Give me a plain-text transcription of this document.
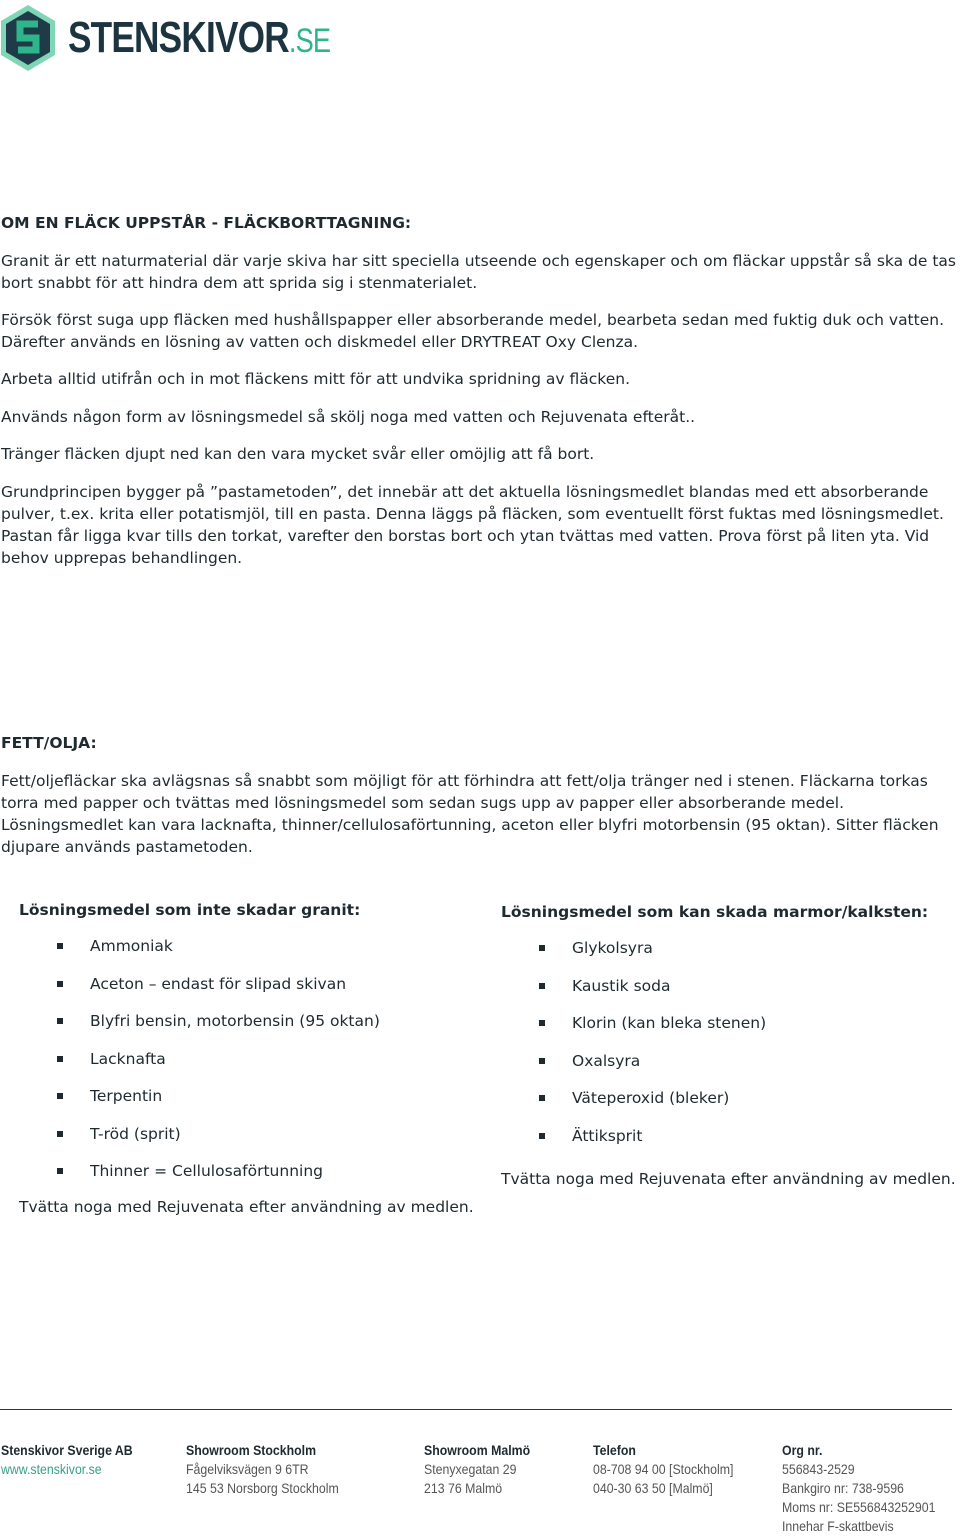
STENSKIVOR.SE
OM EN FLÄCK UPPSTÅR - FLÄCKBORTTAGNING:

Granit är ett naturmaterial där varje skiva har sitt speciella utseende och egenskaper och om fläckar uppstår så ska de tas bort snabbt för att hindra dem att sprida sig i stenmaterialet.

Försök först suga upp fläcken med hushållspapper eller absorberande medel, bearbeta sedan med fuktig duk och vatten. Därefter används en lösning av vatten och diskmedel eller DRYTREAT Oxy Clenza.

Arbeta alltid utifrån och in mot fläckens mitt för att undvika spridning av fläcken.

Används någon form av lösningsmedel så skölj noga med vatten och Rejuvenata efteråt..

Tränger fläcken djupt ned kan den vara mycket svår eller omöjlig att få bort.

Grundprincipen bygger på ”pastametoden”, det innebär att det aktuella lösningsmedlet blandas med ett absorberande pulver, t.ex. krita eller potatismjöl, till en pasta. Denna läggs på fläcken, som eventuellt först fuktas med lösningsmedlet. Pastan får ligga kvar tills den torkat, varefter den borstas bort och ytan tvättas med vatten. Prova först på liten yta. Vid behov upprepas behandlingen.

FETT/OLJA:

Fett/oljefläckar ska avlägsnas så snabbt som möjligt för att förhindra att fett/olja tränger ned i stenen. Fläckarna torkas torra med papper och tvättas med lösningsmedel som sedan sugs upp av papper eller absorberande medel. Lösningsmedlet kan vara lacknafta, thinner/cellulosaförtunning, aceton eller blyfri motorbensin (95 oktan). Sitter fläcken djupare används pastametoden.

Lösningsmedel som inte skadar granit:
Ammoniak
Aceton – endast för slipad skivan
Blyfri bensin, motorbensin (95 oktan)
Lacknafta
Terpentin
T-röd (sprit)
Thinner = Cellulosaförtunning
Tvätta noga med Rejuvenata efter användning av medlen.
Lösningsmedel som kan skada marmor/kalksten:
Glykolsyra
Kaustik soda
Klorin (kan bleka stenen)
Oxalsyra
Väteperoxid (bleker)
Ättiksprit
Tvätta noga med Rejuvenata efter användning av medlen.
Stenskivor Sverige AB
www.stenskivor.se
Showroom Stockholm
Fågelviksvägen 9 6TR
145 53 Norsborg Stockholm
Showroom Malmö
Stenyxegatan 29
213 76 Malmö
Telefon
08-708 94 00 [Stockholm]
040-30 63 50 [Malmö]
Org nr.
556843-2529
Bankgiro nr: 738-9596
Moms nr: SE556843252901
Innehar F-skattbevis
